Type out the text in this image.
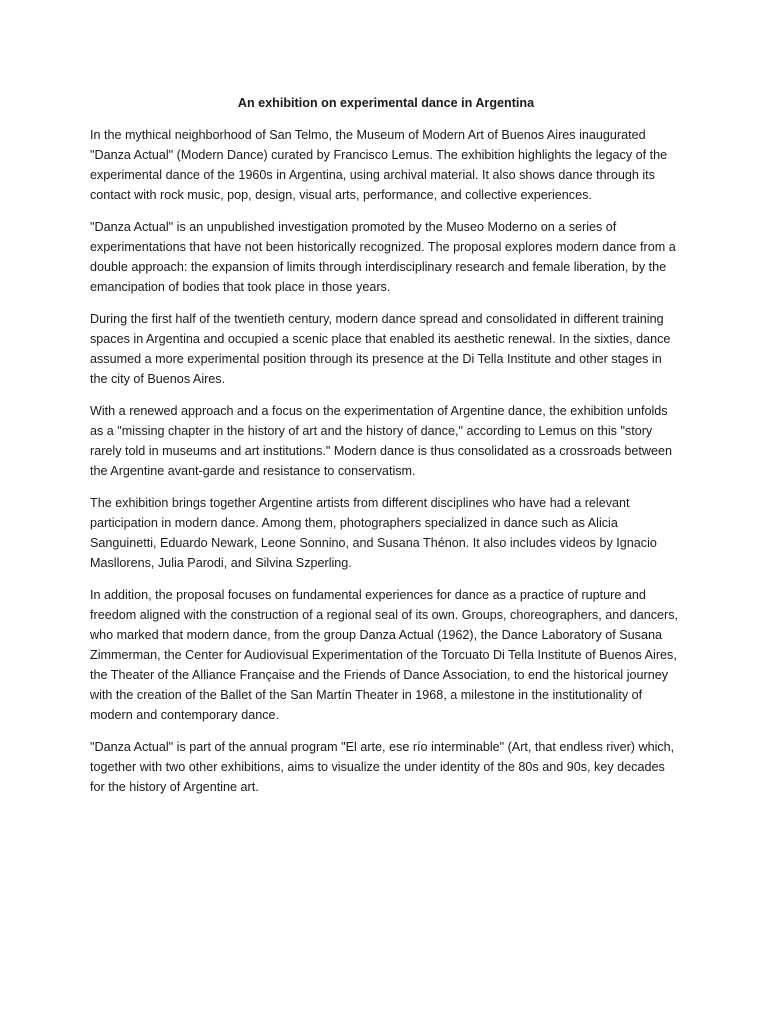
An exhibition on experimental dance in Argentina

In the mythical neighborhood of San Telmo, the Museum of Modern Art of Buenos Aires inaugurated "Danza Actual" (Modern Dance) curated by Francisco Lemus. The exhibition highlights the legacy of the experimental dance of the 1960s in Argentina, using archival material. It also shows dance through its contact with rock music, pop, design, visual arts, performance, and collective experiences.

"Danza Actual" is an unpublished investigation promoted by the Museo Moderno on a series of experimentations that have not been historically recognized. The proposal explores modern dance from a double approach: the expansion of limits through interdisciplinary research and female liberation, by the emancipation of bodies that took place in those years.

During the first half of the twentieth century, modern dance spread and consolidated in different training spaces in Argentina and occupied a scenic place that enabled its aesthetic renewal. In the sixties, dance assumed a more experimental position through its presence at the Di Tella Institute and other stages in the city of Buenos Aires.

With a renewed approach and a focus on the experimentation of Argentine dance, the exhibition unfolds as a "missing chapter in the history of art and the history of dance," according to Lemus on this "story rarely told in museums and art institutions." Modern dance is thus consolidated as a crossroads between the Argentine avant-garde and resistance to conservatism.

The exhibition brings together Argentine artists from different disciplines who have had a relevant participation in modern dance. Among them, photographers specialized in dance such as Alicia Sanguinetti, Eduardo Newark, Leone Sonnino, and Susana Thénon. It also includes videos by Ignacio Masllorens, Julia Parodi, and Silvina Szperling.

In addition, the proposal focuses on fundamental experiences for dance as a practice of rupture and freedom aligned with the construction of a regional seal of its own. Groups, choreographers, and dancers, who marked that modern dance, from the group Danza Actual (1962), the Dance Laboratory of Susana Zimmerman, the Center for Audiovisual Experimentation of the Torcuato Di Tella Institute of Buenos Aires, the Theater of the Alliance Française and the Friends of Dance Association, to end the historical journey with the creation of the Ballet of the San Martín Theater in 1968, a milestone in the institutionality of modern and contemporary dance.

"Danza Actual" is part of the annual program "El arte, ese río interminable" (Art, that endless river) which, together with two other exhibitions, aims to visualize the under identity of the 80s and 90s, key decades for the history of Argentine art.
